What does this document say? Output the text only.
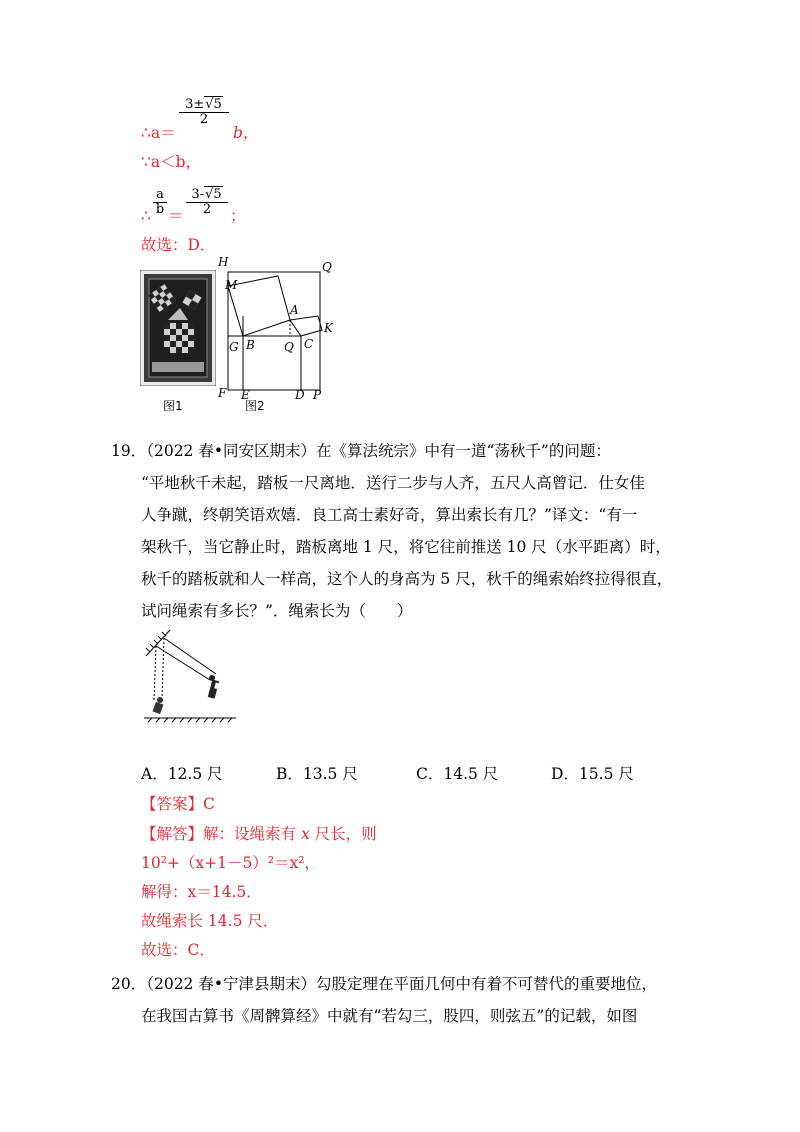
∴a＝
$\frac{3\pm√5}{2}$
b，
∵a＜b，
∴ $\frac{a}{b} = \frac{3-√5}{2}$ ；
故选：D．
图1
H	Q
M
A
K
G B Q C
F E	D P
图2
19．（2022 春•同安区期末）在《算法统宗》中有一道“荡秋千”的问题：
“平地秋千未起，踏板一尺离地．送行二步与人齐，五尺人高曾记．仕女佳
人争蹴，终朝笑语欢嬉．良工高士素好奇，算出索长有几？”译文：“有一
架秋千，当它静止时，踏板离地 1 尺，将它往前推送 10 尺（水平距离）时，
秋千的踏板就和人一样高，这个人的身高为 5 尺，秋千的绳索始终拉得很直，
试问绳索有多长？”．绳索长为（　　）
A．12.5 尺	B．13.5 尺	C．14.5 尺	D．15.5 尺
【答案】C
【解答】解：设绳索有 x 尺长，则
10²+（x+1－5）²＝x²，
解得：x＝14.5．
故绳索长 14.5 尺．
故选：C．
20．（2022 春•宁津县期末）勾股定理在平面几何中有着不可替代的重要地位，
在我国古算书《周髀算经》中就有“若勾三，股四，则弦五”的记载，如图
